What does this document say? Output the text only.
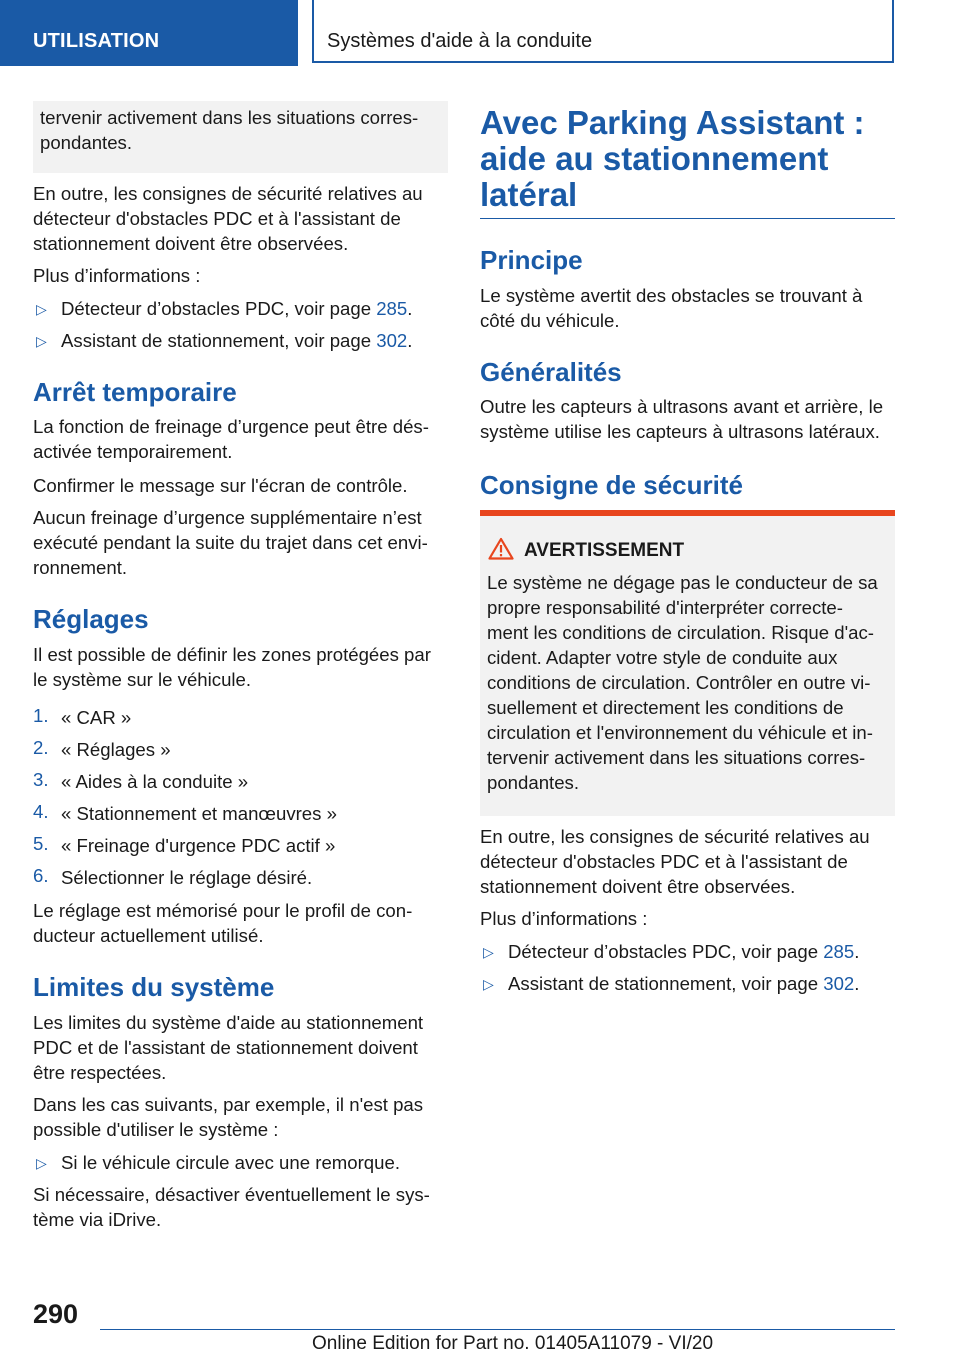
UTILISATION	Systèmes d'aide à la conduite
tervenir activement dans les situations corres-
pondantes.
En outre, les consignes de sécurité relatives au
détecteur d'obstacles PDC et à l'assistant de
stationnement doivent être observées.
Plus d’informations :
▷ Détecteur d’obstacles PDC, voir page 285.
▷ Assistant de stationnement, voir page 302.
Arrêt temporaire
La fonction de freinage d’urgence peut être dés-
activée temporairement.
Confirmer le message sur l'écran de contrôle.
Aucun freinage d’urgence supplémentaire n’est
exécuté pendant la suite du trajet dans cet envi-
ronnement.
Réglages
Il est possible de définir les zones protégées par
le système sur le véhicule.
1. « CAR »
2. « Réglages »
3. « Aides à la conduite »
4. « Stationnement et manœuvres »
5. « Freinage d'urgence PDC actif »
6. Sélectionner le réglage désiré.
Le réglage est mémorisé pour le profil de con-
ducteur actuellement utilisé.
Limites du système
Les limites du système d'aide au stationnement
PDC et de l'assistant de stationnement doivent
être respectées.
Dans les cas suivants, par exemple, il n'est pas
possible d'utiliser le système :
▷ Si le véhicule circule avec une remorque.
Si nécessaire, désactiver éventuellement le sys-
tème via iDrive.
Avec Parking Assistant :
aide au stationnement
latéral
Principe
Le système avertit des obstacles se trouvant à
côté du véhicule.
Généralités
Outre les capteurs à ultrasons avant et arrière, le
système utilise les capteurs à ultrasons latéraux.
Consigne de sécurité
AVERTISSEMENT
Le système ne dégage pas le conducteur de sa
propre responsabilité d'interpréter correcte-
ment les conditions de circulation. Risque d'ac-
cident. Adapter votre style de conduite aux
conditions de circulation. Contrôler en outre vi-
suellement et directement les conditions de
circulation et l'environnement du véhicule et in-
tervenir activement dans les situations corres-
pondantes.
En outre, les consignes de sécurité relatives au
détecteur d'obstacles PDC et à l'assistant de
stationnement doivent être observées.
Plus d’informations :
▷ Détecteur d’obstacles PDC, voir page 285.
▷ Assistant de stationnement, voir page 302.
290
Online Edition for Part no. 01405A11079 - VI/20
